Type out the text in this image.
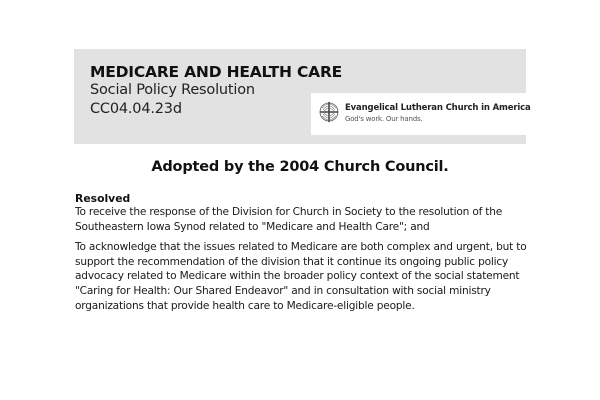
MEDICARE AND HEALTH CARE
Social Policy Resolution
CC04.04.23d	Evangelical Lutheran Church in America
God's work. Our hands.
Adopted by the 2004 Church Council.
Resolved
To receive the response of the Division for Church in Society to the resolution of the Southeastern Iowa Synod related to "Medicare and Health Care"; and
To acknowledge that the issues related to Medicare are both complex and urgent, but to support the recommendation of the division that it continue its ongoing public policy advocacy related to Medicare within the broader policy context of the social statement "Caring for Health: Our Shared Endeavor" and in consultation with social ministry organizations that provide health care to Medicare-eligible people.
